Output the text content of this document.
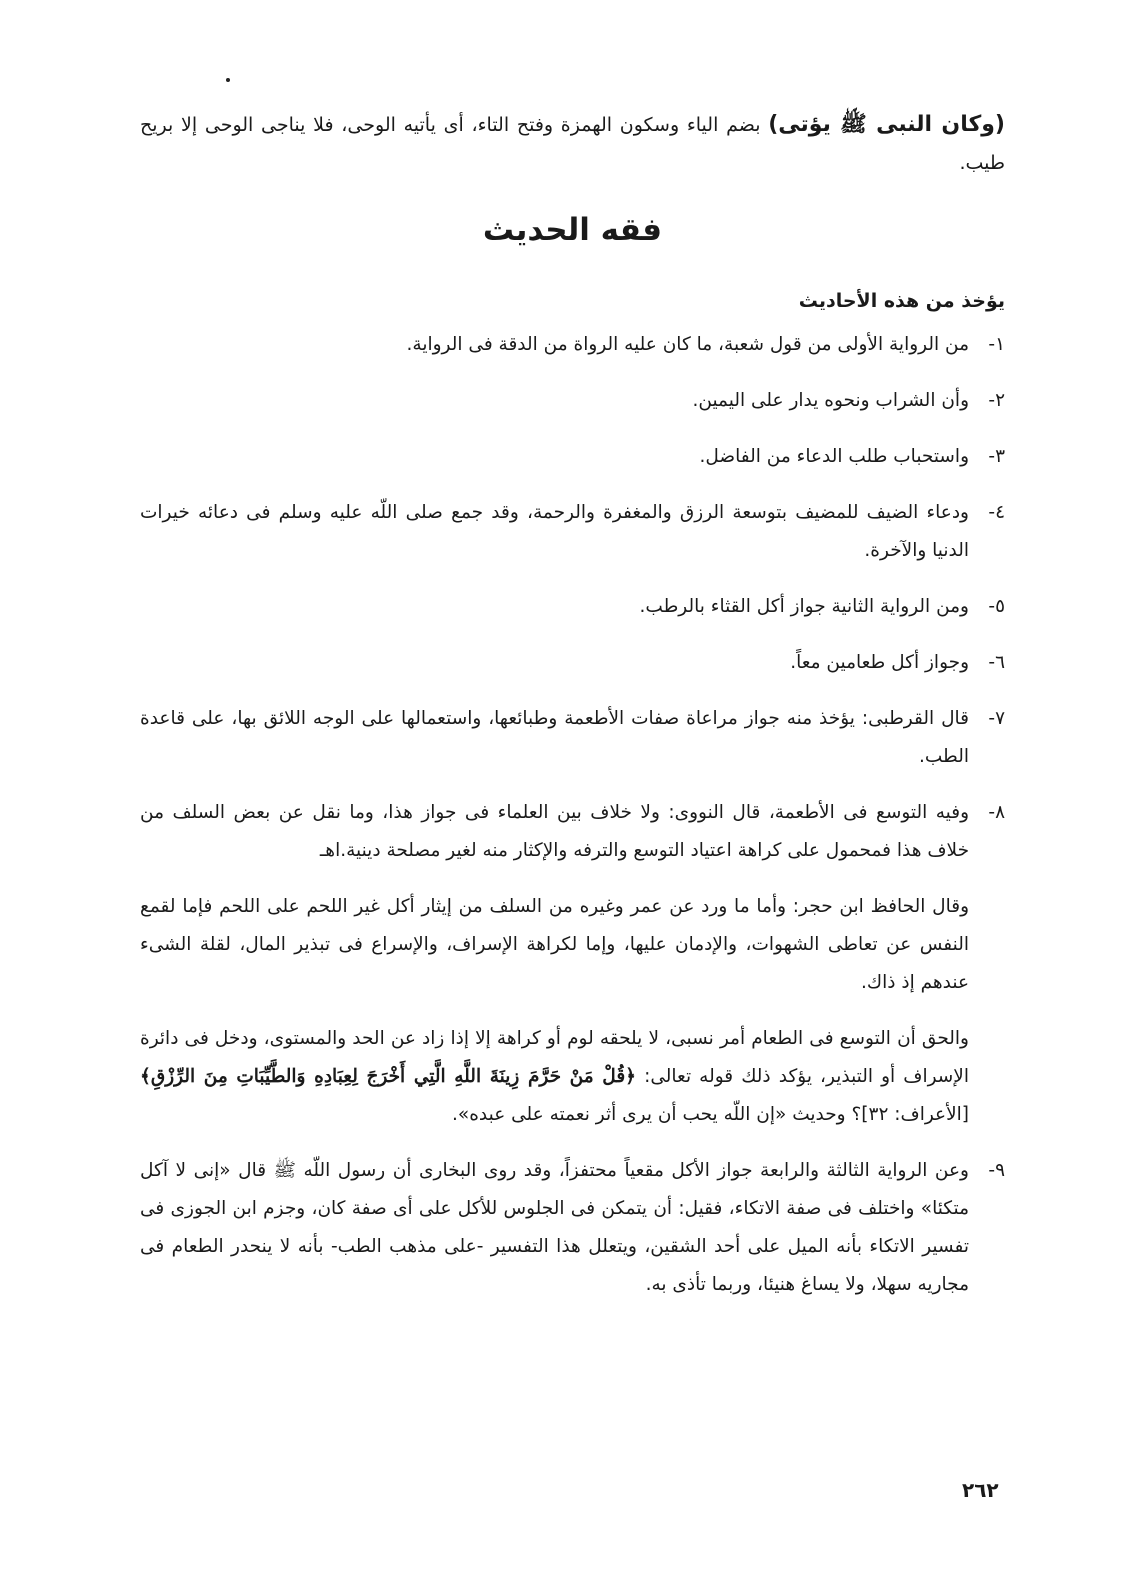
(وكان النبى ﷺ يؤتى) بضم الياء وسكون الهمزة وفتح التاء، أى يأتيه الوحى، فلا يناجى الوحى إلا بريح طيب.

فقه الحديث
يؤخذ من هذه الأحاديث
١-
من الرواية الأولى من قول شعبة، ما كان عليه الرواة من الدقة فى الرواية.
٢-
وأن الشراب ونحوه يدار على اليمين.
٣-
واستحباب طلب الدعاء من الفاضل.
٤-
ودعاء الضيف للمضيف بتوسعة الرزق والمغفرة والرحمة، وقد جمع صلى اللّه عليه وسلم فى دعائه خيرات الدنيا والآخرة.
٥-
ومن الرواية الثانية جواز أكل القثاء بالرطب.
٦-
وجواز أكل طعامين معاً.
٧-
قال القرطبى: يؤخذ منه جواز مراعاة صفات الأطعمة وطبائعها، واستعمالها على الوجه اللائق بها، على قاعدة الطب.
٨-
وفيه التوسع فى الأطعمة، قال النووى: ولا خلاف بين العلماء فى جواز هذا، وما نقل عن بعض السلف من خلاف هذا فمحمول على كراهة اعتياد التوسع والترفه والإكثار منه لغير مصلحة دينية.اهـ

وقال الحافظ ابن حجر: وأما ما ورد عن عمر وغيره من السلف من إيثار أكل غير اللحم على اللحم فإما لقمع النفس عن تعاطى الشهوات، والإدمان عليها، وإما لكراهة الإسراف، والإسراع فى تبذير المال، لقلة الشىء عندهم إذ ذاك.

والحق أن التوسع فى الطعام أمر نسبى، لا يلحقه لوم أو كراهة إلا إذا زاد عن الحد والمستوى، ودخل فى دائرة الإسراف أو التبذير، يؤكد ذلك قوله تعالى: ﴿قُلْ مَنْ حَرَّمَ زِينَةَ اللَّهِ الَّتِي أَخْرَجَ لِعِبَادِهِ وَالطَّيِّبَاتِ مِنَ الرِّزْقِ﴾[الأعراف: ٣٢]؟ وحديث «إن اللّه يحب أن يرى أثر نعمته على عبده».

٩-
وعن الرواية الثالثة والرابعة جواز الأكل مقعياً محتفزاً، وقد روى البخارى أن رسول اللّه ﷺ قال «إنى لا آكل متكئا» واختلف فى صفة الاتكاء، فقيل: أن يتمكن فى الجلوس للأكل على أى صفة كان، وجزم ابن الجوزى فى تفسير الاتكاء بأنه الميل على أحد الشقين، ويتعلل هذا التفسير -على مذهب الطب- بأنه لا ينحدر الطعام فى مجاريه سهلا، ولا يساغ هنيئا، وربما تأذى به.
٢٦٢
